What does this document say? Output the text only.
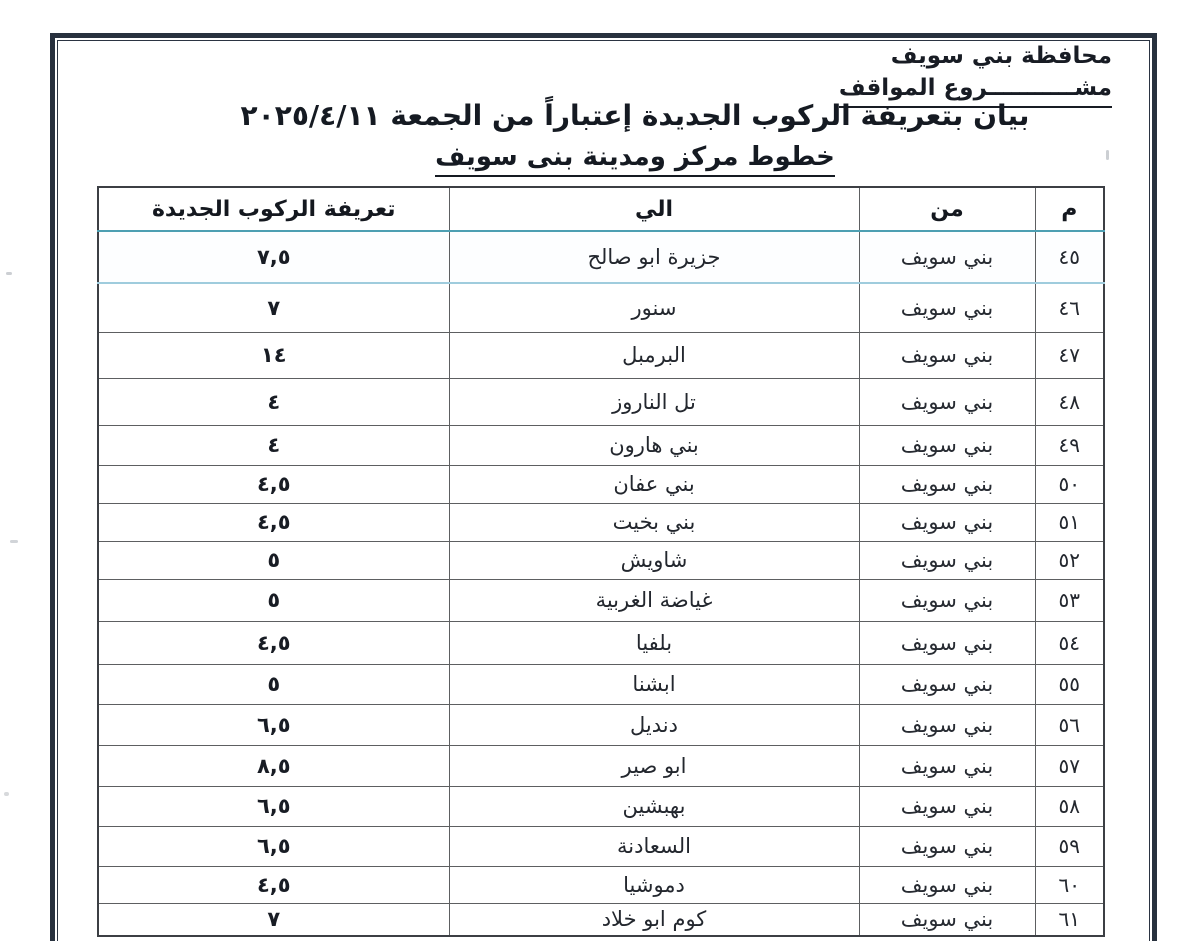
محافظة بني سويف
مشـــــــــــروع المواقف
بيان بتعريفة الركوب الجديدة إعتباراً من الجمعة ٢٠٢٥/٤/١١
خطوط مركز ومدينة بنى سويف
م	من	الي	تعريفة الركوب الجديدة
٤٥	بني سويف	جزيرة ابو صالح	٧,٥
٤٦	بني سويف	سنور	٧
٤٧	بني سويف	البرمبل	١٤
٤٨	بني سويف	تل الناروز	٤
٤٩	بني سويف	بني هارون	٤
٥٠	بني سويف	بني عفان	٤,٥
٥١	بني سويف	بني بخيت	٤,٥
٥٢	بني سويف	شاويش	٥
٥٣	بني سويف	غياضة الغربية	٥
٥٤	بني سويف	بلفيا	٤,٥
٥٥	بني سويف	ابشنا	٥
٥٦	بني سويف	دنديل	٦,٥
٥٧	بني سويف	ابو صير	٨,٥
٥٨	بني سويف	بهبشين	٦,٥
٥٩	بني سويف	السعادنة	٦,٥
٦٠	بني سويف	دموشيا	٤,٥
٦١	بني سويف	كوم ابو خلاد	٧
